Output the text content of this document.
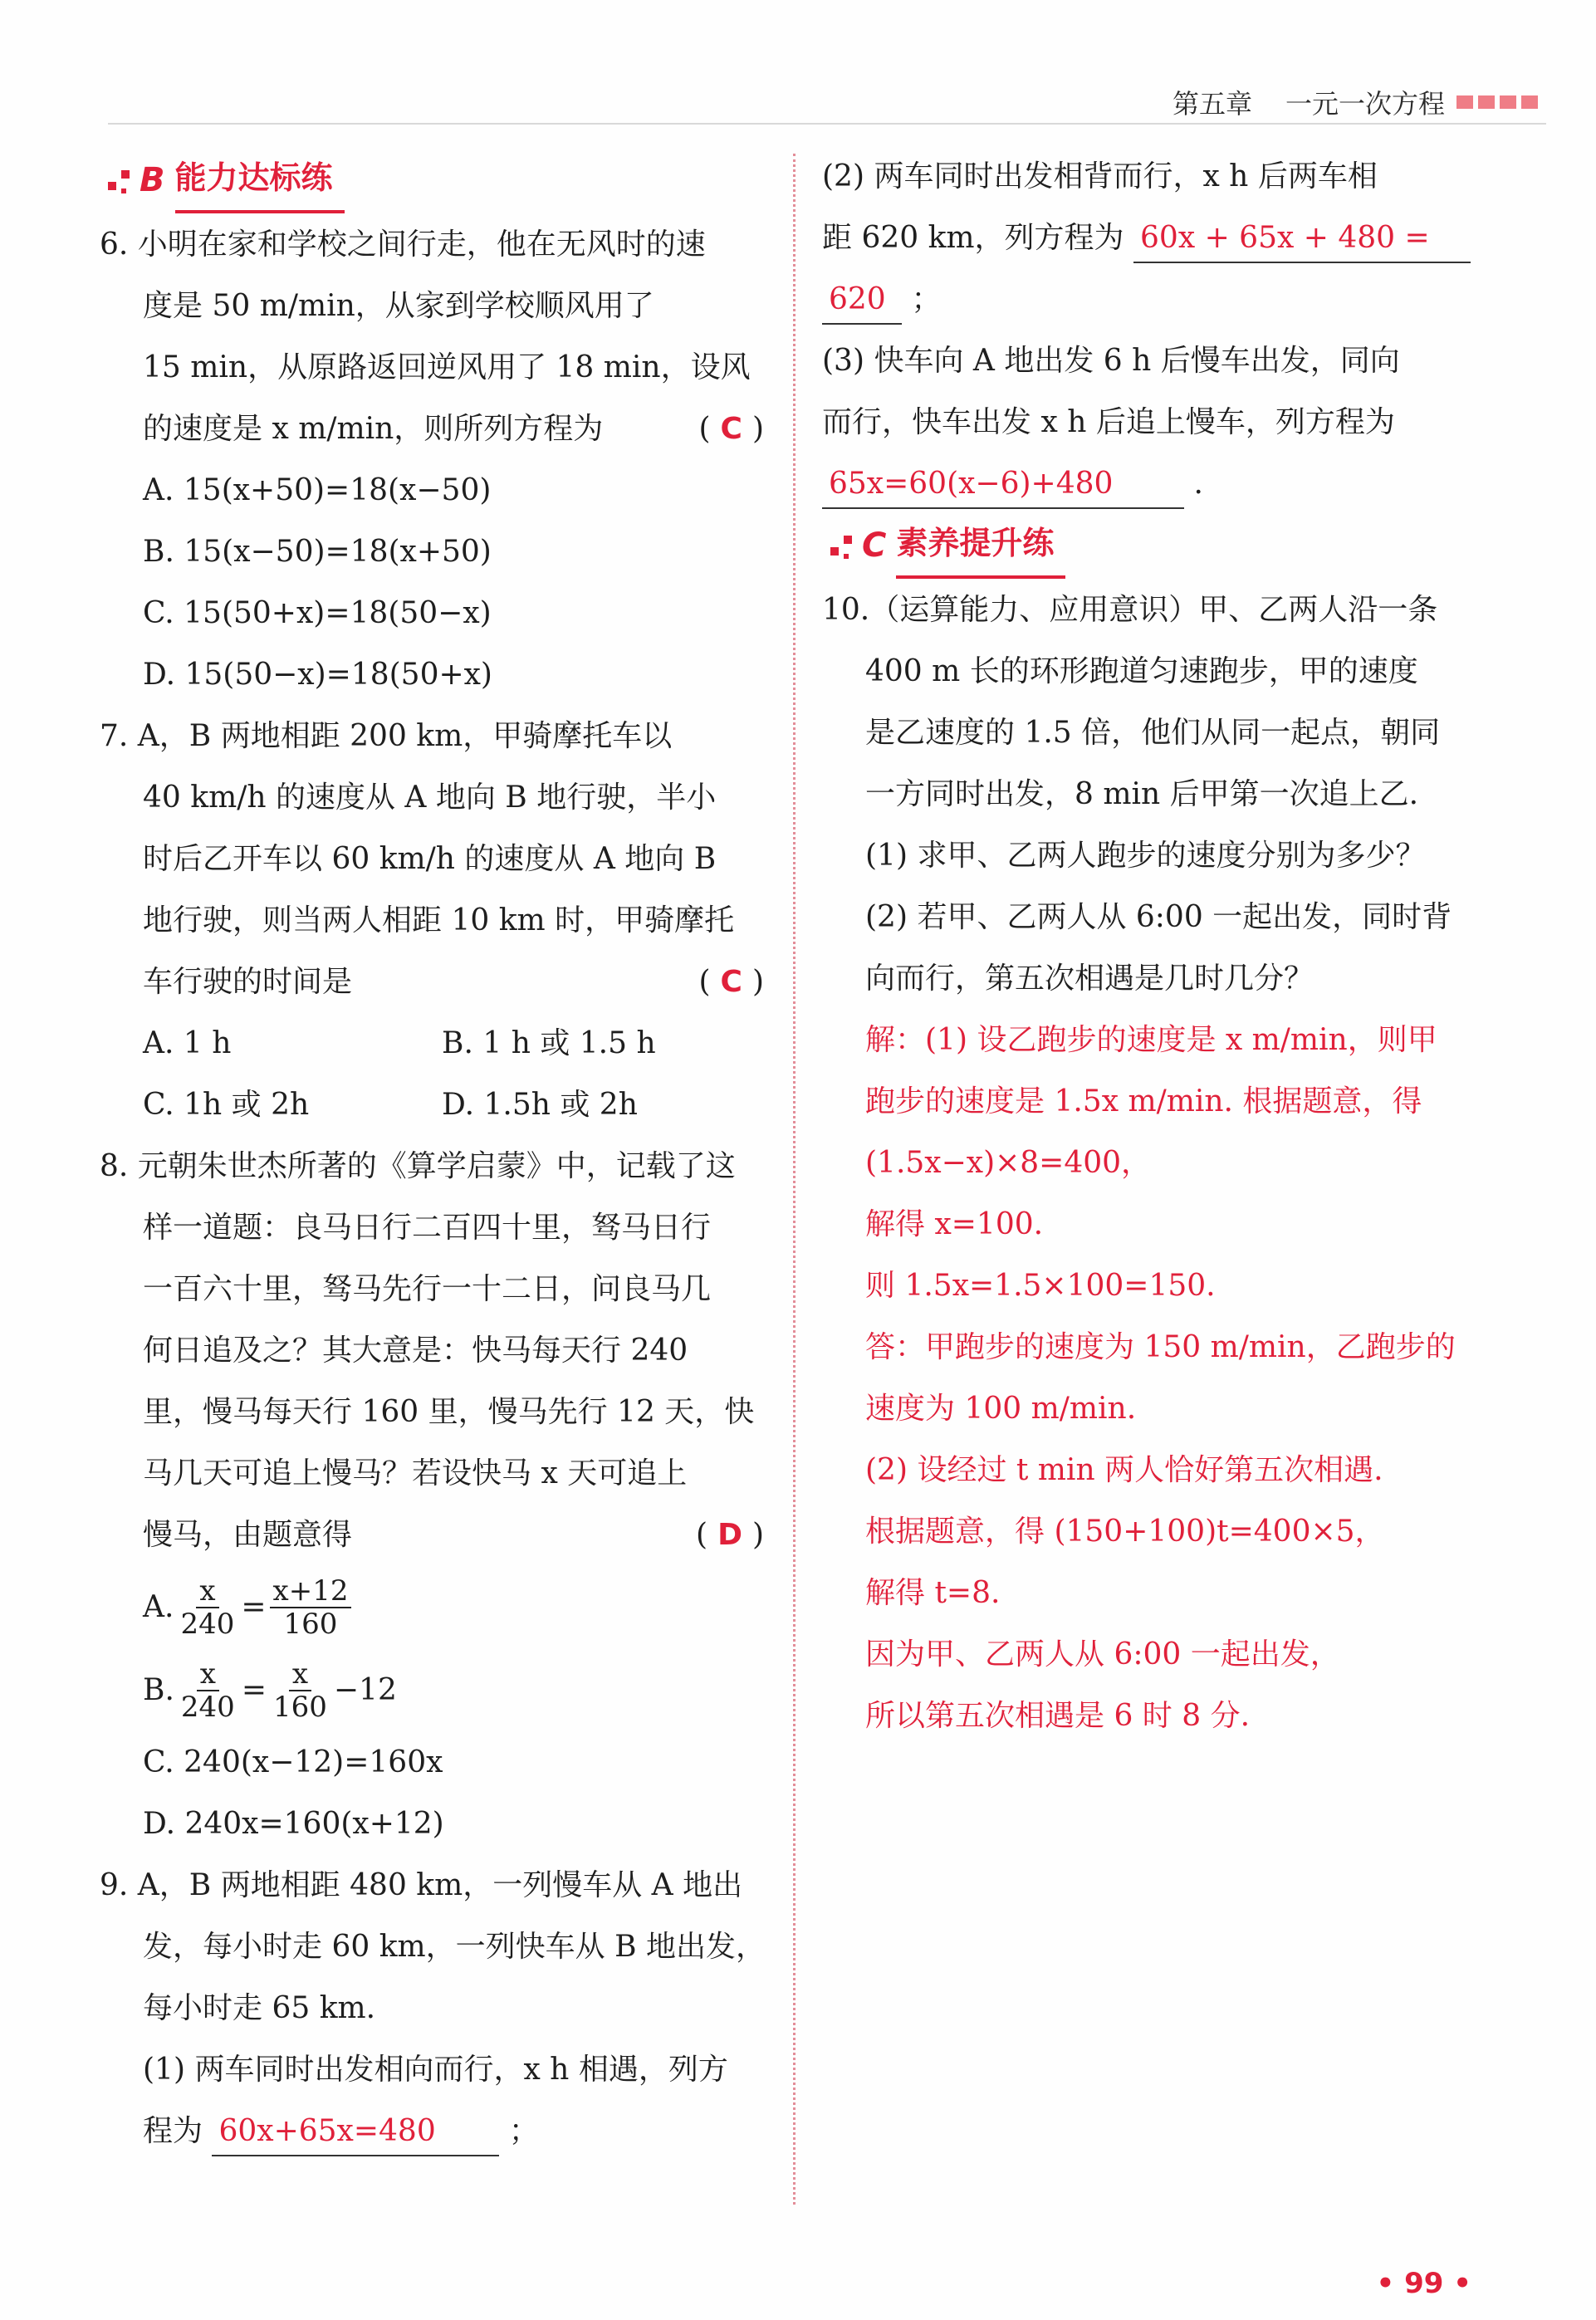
第五章 一元一次方程
B 能力达标练
6. 小明在家和学校之间行走，他在无风时的速
度是 50 m/min，从家到学校顺风用了
15 min，从原路返回逆风用了 18 min，设风
的速度是 x m/min，则所列方程为	( C )
A. 15(x+50)=18(x−50)
B. 15(x−50)=18(x+50)
C. 15(50+x)=18(50−x)
D. 15(50−x)=18(50+x)
7. A，B 两地相距 200 km，甲骑摩托车以
40 km/h 的速度从 A 地向 B 地行驶，半小
时后乙开车以 60 km/h 的速度从 A 地向 B
地行驶，则当两人相距 10 km 时，甲骑摩托
车行驶的时间是	( C )
A. 1 h	B. 1 h 或 1.5 h
C. 1h 或 2h	D. 1.5h 或 2h
8. 元朝朱世杰所著的《算学启蒙》中，记载了这
样一道题：良马日行二百四十里，驽马日行
一百六十里，驽马先行一十二日，问良马几
何日追及之？其大意是：快马每天行 240
里，慢马每天行 160 里，慢马先行 12 天，快
马几天可追上慢马？若设快马 x 天可追上
慢马，由题意得	( D )
A. $\frac{x}{240} = \frac{x+12}{160}$
B. $\frac{x}{240} = \frac{x}{160} -12$
C. 240(x−12)=160x
D. 240x=160(x+12)
9. A，B 两地相距 480 km，一列慢车从 A 地出
发，每小时走 60 km，一列快车从 B 地出发，
每小时走 65 km.
(1) 两车同时出发相向而行，x h 相遇，列方
程为 60x+65x=480 ；
(2) 两车同时出发相背而行，x h 后两车相
距 620 km，列方程为 60x + 65x + 480 =
620 ；
(3) 快车向 A 地出发 6 h 后慢车出发，同向
而行，快车出发 x h 后追上慢车，列方程为
65x=60(x−6)+480	.
C 素养提升练
10.（运算能力、应用意识）甲、乙两人沿一条
400 m 长的环形跑道匀速跑步，甲的速度
是乙速度的 1.5 倍，他们从同一起点，朝同
一方同时出发，8 min 后甲第一次追上乙.
(1) 求甲、乙两人跑步的速度分别为多少？
(2) 若甲、乙两人从 6:00 一起出发，同时背
向而行，第五次相遇是几时几分？
解：(1) 设乙跑步的速度是 x m/min，则甲
跑步的速度是 1.5x m/min. 根据题意，得
(1.5x−x)×8=400，
解得 x=100.
则 1.5x=1.5×100=150.
答：甲跑步的速度为 150 m/min，乙跑步的
速度为 100 m/min.
(2) 设经过 t min 两人恰好第五次相遇.
根据题意，得 (150+100)t=400×5，
解得 t=8.
因为甲、乙两人从 6:00 一起出发，
所以第五次相遇是 6 时 8 分.
• 99 •
